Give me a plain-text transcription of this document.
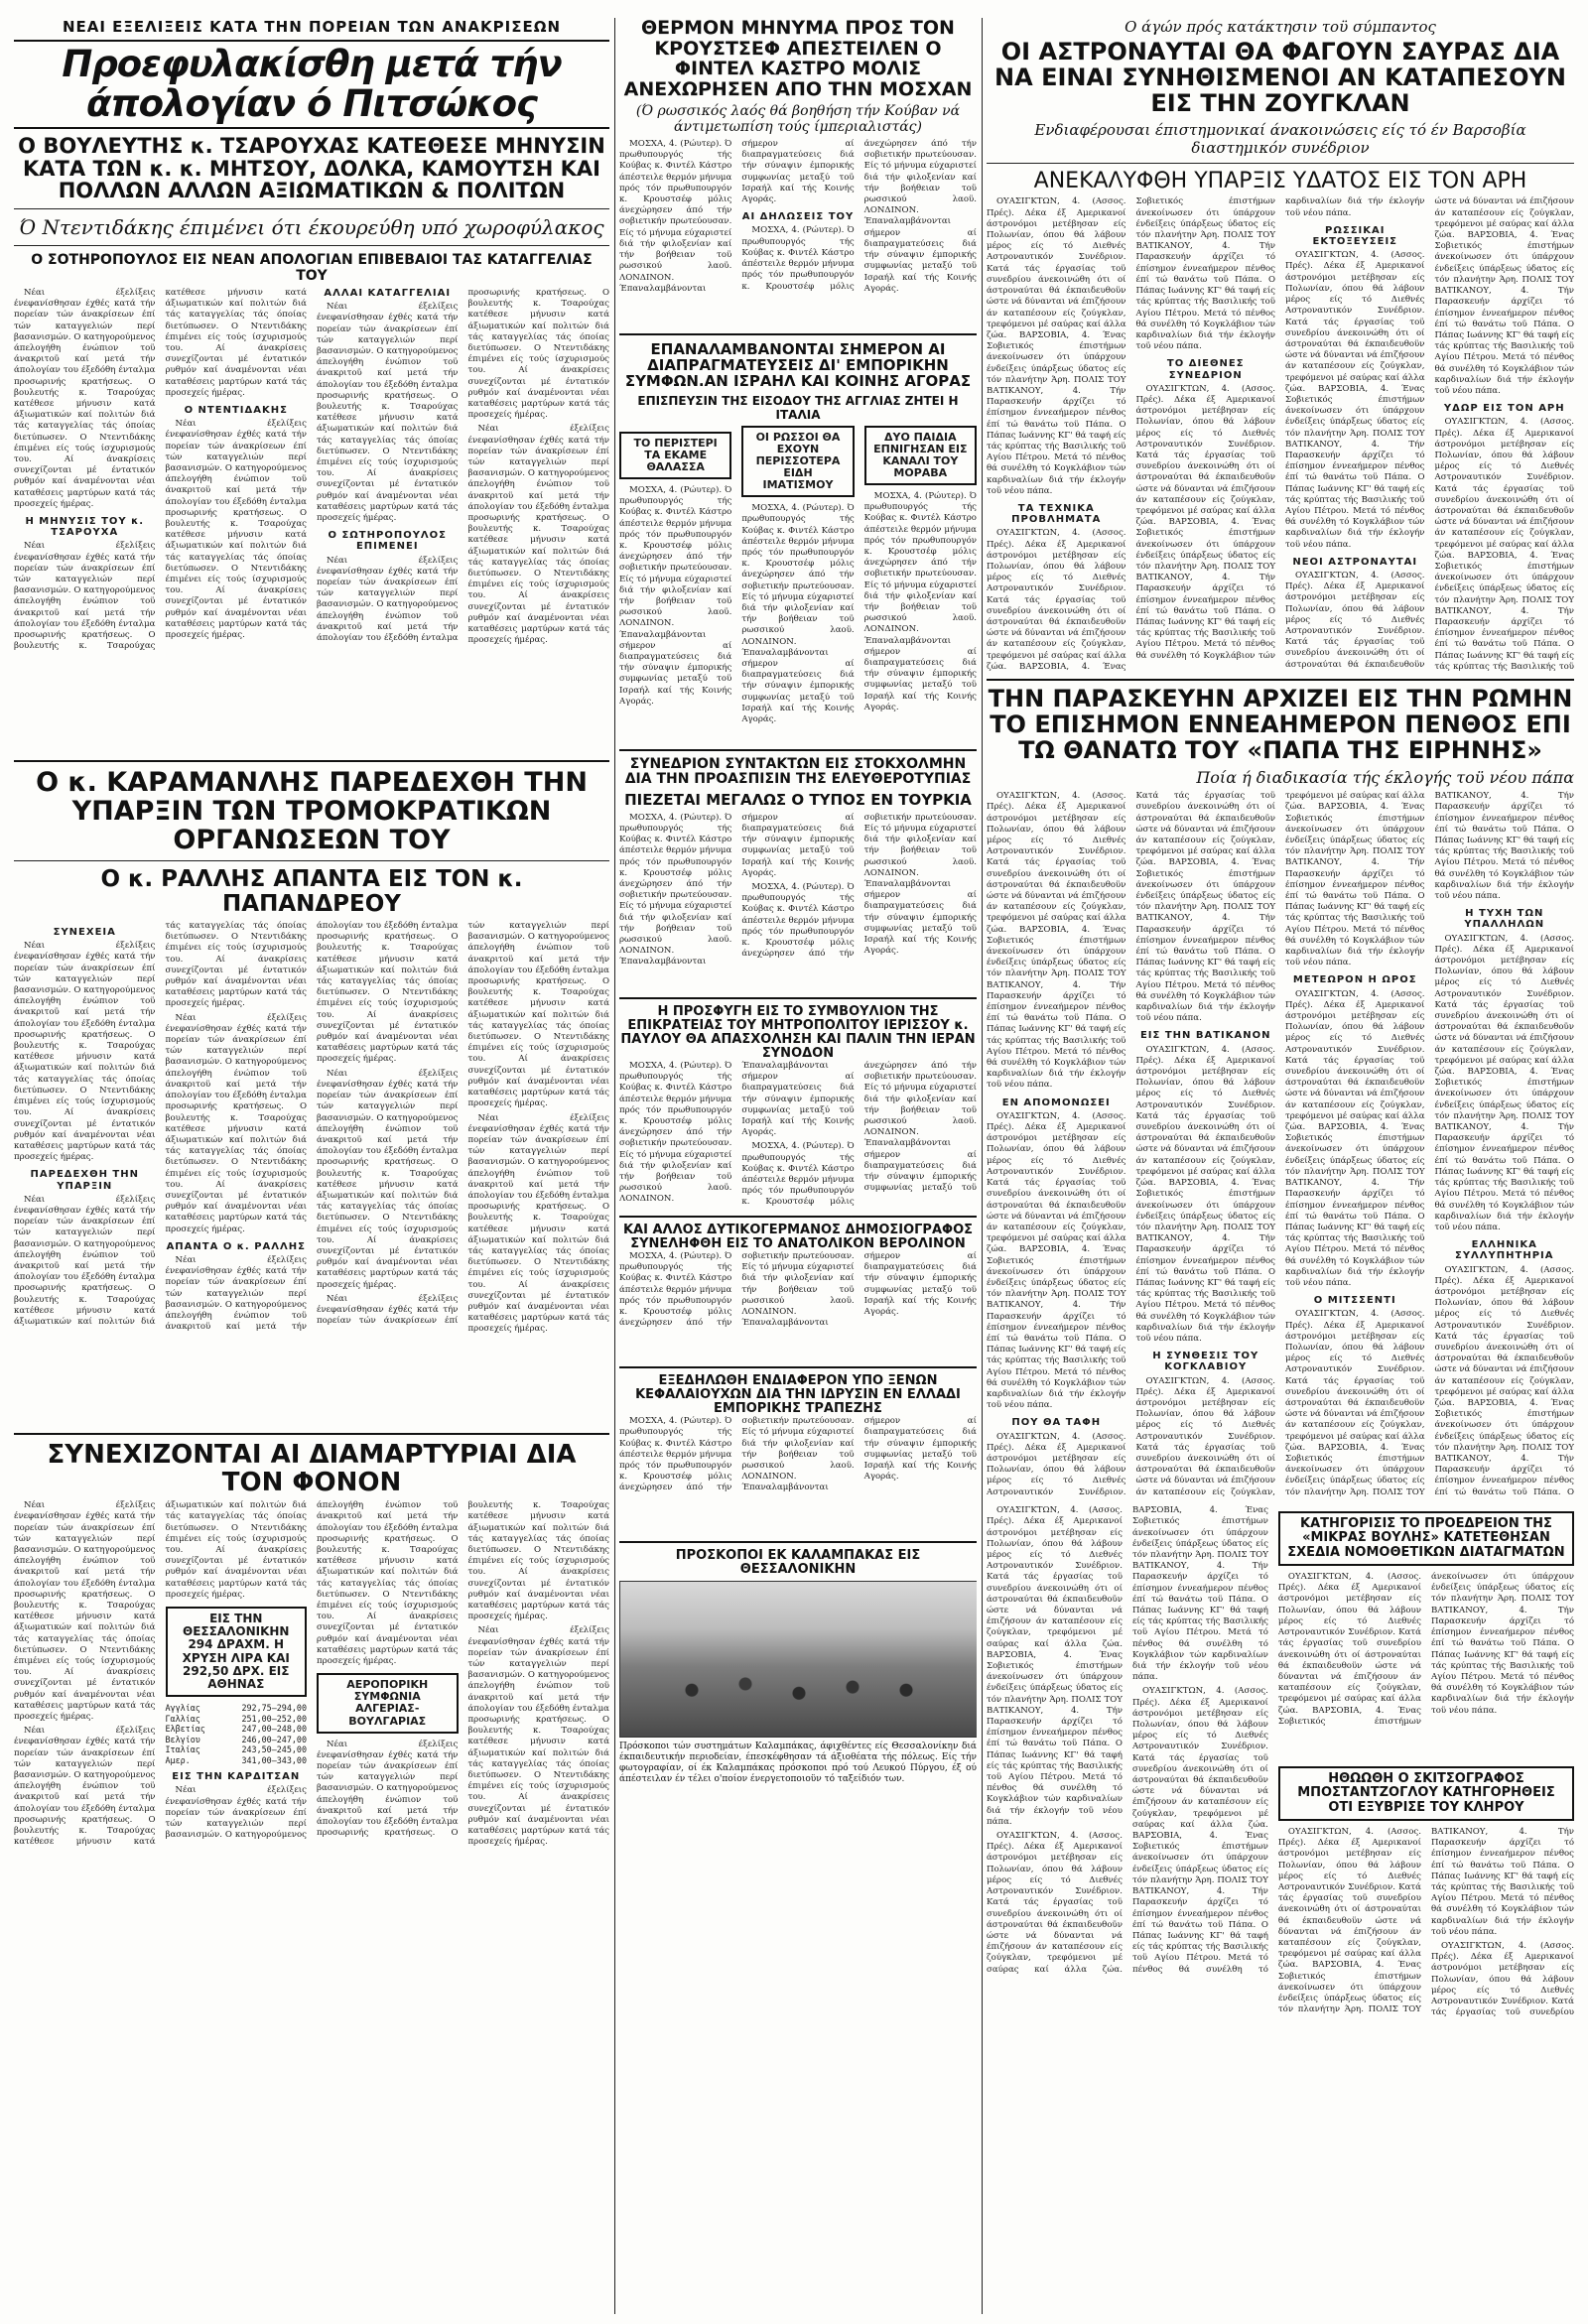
ΝΕΑΙ ΕΞΕΛΙΞΕΙΣ ΚΑΤΑ ΤΗΝ ΠΟΡΕΙΑΝ ΤΩΝ ΑΝΑΚΡΙΣΕΩΝ
Προεφυλακίσθη μετά τήν άπολογίαν ό Πιτσώκος
Ο ΒΟΥΛΕΥΤΗΣ κ. ΤΣΑΡΟΥΧΑΣ ΚΑΤΕΘΕΣΕ ΜΗΝΥΣΙΝ ΚΑΤΑ ΤΩΝ κ. κ. ΜΗΤΣΟΥ, ΔΟΛΚΑ, ΚΑΜΟΥΤΣΗ ΚΑΙ ΠΟΛΛΩΝ ΑΛΛΩΝ ΑΞΙΩΜΑΤΙΚΩΝ & ΠΟΛΙΤΩΝ
Ό Ντεντιδάκης έπιμένει ότι έκουρεύθη υπό χωροφύλακος
Ο ΣΟΤΗΡΟΠΟΥΛΟΣ ΕΙΣ ΝΕΑΝ ΑΠΟΛΟΓΙΑΝ ΕΠΙΒΕΒΑΙΟΙ ΤΑΣ ΚΑΤΑΓΓΕΛΙΑΣ ΤΟΥ

Νέαι έξελίξεις ένεφανίσθησαν έχθές κατά τήν πορείαν τών άνακρίσεων έπί τών καταγγελιών περί βασανισμών. Ο κατηγορούμενος άπελογήθη ένώπιον τοϋ άνακριτοϋ καί μετά τήν άπολογίαν του έξεδόθη ένταλμα προσωρινής κρατήσεως. Ο βουλευτής κ. Τσαρούχας κατέθεσε μήνυσιν κατά άξιωματικών καί πολιτών διά τάς καταγγελίας τάς όποίας διετύπωσεν. Ο Ντεντιδάκης έπιμένει είς τούς ίσχυρισμούς του. Αί άνακρίσεις συνεχίζονται μέ έντατικόν ρυθμόν καί άναμένονται νέαι καταθέσεις μαρτύρων κατά τάς προσεχείς ήμέρας.

Η ΜΗΝΥΣΙΣ ΤΟΥ κ. ΤΣΑΡΟΥΧΑ

Νέαι έξελίξεις ένεφανίσθησαν έχθές κατά τήν πορείαν τών άνακρίσεων έπί τών καταγγελιών περί βασανισμών. Ο κατηγορούμενος άπελογήθη ένώπιον τοϋ άνακριτοϋ καί μετά τήν άπολογίαν του έξεδόθη ένταλμα προσωρινής κρατήσεως. Ο βουλευτής κ. Τσαρούχας κατέθεσε μήνυσιν κατά άξιωματικών καί πολιτών διά τάς καταγγελίας τάς όποίας διετύπωσεν. Ο Ντεντιδάκης έπιμένει είς τούς ίσχυρισμούς του. Αί άνακρίσεις συνεχίζονται μέ έντατικόν ρυθμόν καί άναμένονται νέαι καταθέσεις μαρτύρων κατά τάς προσεχείς ήμέρας.

Ο ΝΤΕΝΤΙΔΑΚΗΣ

Νέαι έξελίξεις ένεφανίσθησαν έχθές κατά τήν πορείαν τών άνακρίσεων έπί τών καταγγελιών περί βασανισμών. Ο κατηγορούμενος άπελογήθη ένώπιον τοϋ άνακριτοϋ καί μετά τήν άπολογίαν του έξεδόθη ένταλμα προσωρινής κρατήσεως. Ο βουλευτής κ. Τσαρούχας κατέθεσε μήνυσιν κατά άξιωματικών καί πολιτών διά τάς καταγγελίας τάς όποίας διετύπωσεν. Ο Ντεντιδάκης έπιμένει είς τούς ίσχυρισμούς του. Αί άνακρίσεις συνεχίζονται μέ έντατικόν ρυθμόν καί άναμένονται νέαι καταθέσεις μαρτύρων κατά τάς προσεχείς ήμέρας.

ΑΛΛΑΙ ΚΑΤΑΓΓΕΛΙΑΙ

Νέαι έξελίξεις ένεφανίσθησαν έχθές κατά τήν πορείαν τών άνακρίσεων έπί τών καταγγελιών περί βασανισμών. Ο κατηγορούμενος άπελογήθη ένώπιον τοϋ άνακριτοϋ καί μετά τήν άπολογίαν του έξεδόθη ένταλμα προσωρινής κρατήσεως. Ο βουλευτής κ. Τσαρούχας κατέθεσε μήνυσιν κατά άξιωματικών καί πολιτών διά τάς καταγγελίας τάς όποίας διετύπωσεν. Ο Ντεντιδάκης έπιμένει είς τούς ίσχυρισμούς του. Αί άνακρίσεις συνεχίζονται μέ έντατικόν ρυθμόν καί άναμένονται νέαι καταθέσεις μαρτύρων κατά τάς προσεχείς ήμέρας.

Ο ΣΩΤΗΡΟΠΟΥΛΟΣ ΕΠΙΜΕΝΕΙ

Νέαι έξελίξεις ένεφανίσθησαν έχθές κατά τήν πορείαν τών άνακρίσεων έπί τών καταγγελιών περί βασανισμών. Ο κατηγορούμενος άπελογήθη ένώπιον τοϋ άνακριτοϋ καί μετά τήν άπολογίαν του έξεδόθη ένταλμα προσωρινής κρατήσεως. Ο βουλευτής κ. Τσαρούχας κατέθεσε μήνυσιν κατά άξιωματικών καί πολιτών διά τάς καταγγελίας τάς όποίας διετύπωσεν. Ο Ντεντιδάκης έπιμένει είς τούς ίσχυρισμούς του. Αί άνακρίσεις συνεχίζονται μέ έντατικόν ρυθμόν καί άναμένονται νέαι καταθέσεις μαρτύρων κατά τάς προσεχείς ήμέρας.

Νέαι έξελίξεις ένεφανίσθησαν έχθές κατά τήν πορείαν τών άνακρίσεων έπί τών καταγγελιών περί βασανισμών. Ο κατηγορούμενος άπελογήθη ένώπιον τοϋ άνακριτοϋ καί μετά τήν άπολογίαν του έξεδόθη ένταλμα προσωρινής κρατήσεως. Ο βουλευτής κ. Τσαρούχας κατέθεσε μήνυσιν κατά άξιωματικών καί πολιτών διά τάς καταγγελίας τάς όποίας διετύπωσεν. Ο Ντεντιδάκης έπιμένει είς τούς ίσχυρισμούς του. Αί άνακρίσεις συνεχίζονται μέ έντατικόν ρυθμόν καί άναμένονται νέαι καταθέσεις μαρτύρων κατά τάς προσεχείς ήμέρας.

Ο κ. ΚΑΡΑΜΑΝΛΗΣ ΠΑΡΕΔΕΧΘΗ ΤΗΝ ΥΠΑΡΞΙΝ ΤΩΝ ΤΡΟΜΟΚΡΑΤΙΚΩΝ ΟΡΓΑΝΩΣΕΩΝ ΤΟΥ
Ο κ. ΡΑΛΛΗΣ ΑΠΑΝΤΑ ΕΙΣ ΤΟΝ κ. ΠΑΠΑΝΔΡΕΟΥ
ΣΥΝΕΧΕΙΑ

Νέαι έξελίξεις ένεφανίσθησαν έχθές κατά τήν πορείαν τών άνακρίσεων έπί τών καταγγελιών περί βασανισμών. Ο κατηγορούμενος άπελογήθη ένώπιον τοϋ άνακριτοϋ καί μετά τήν άπολογίαν του έξεδόθη ένταλμα προσωρινής κρατήσεως. Ο βουλευτής κ. Τσαρούχας κατέθεσε μήνυσιν κατά άξιωματικών καί πολιτών διά τάς καταγγελίας τάς όποίας διετύπωσεν. Ο Ντεντιδάκης έπιμένει είς τούς ίσχυρισμούς του. Αί άνακρίσεις συνεχίζονται μέ έντατικόν ρυθμόν καί άναμένονται νέαι καταθέσεις μαρτύρων κατά τάς προσεχείς ήμέρας.

ΠΑΡΕΔΕΧΘΗ ΤΗΝ ΥΠΑΡΞΙΝ

Νέαι έξελίξεις ένεφανίσθησαν έχθές κατά τήν πορείαν τών άνακρίσεων έπί τών καταγγελιών περί βασανισμών. Ο κατηγορούμενος άπελογήθη ένώπιον τοϋ άνακριτοϋ καί μετά τήν άπολογίαν του έξεδόθη ένταλμα προσωρινής κρατήσεως. Ο βουλευτής κ. Τσαρούχας κατέθεσε μήνυσιν κατά άξιωματικών καί πολιτών διά τάς καταγγελίας τάς όποίας διετύπωσεν. Ο Ντεντιδάκης έπιμένει είς τούς ίσχυρισμούς του. Αί άνακρίσεις συνεχίζονται μέ έντατικόν ρυθμόν καί άναμένονται νέαι καταθέσεις μαρτύρων κατά τάς προσεχείς ήμέρας.

Νέαι έξελίξεις ένεφανίσθησαν έχθές κατά τήν πορείαν τών άνακρίσεων έπί τών καταγγελιών περί βασανισμών. Ο κατηγορούμενος άπελογήθη ένώπιον τοϋ άνακριτοϋ καί μετά τήν άπολογίαν του έξεδόθη ένταλμα προσωρινής κρατήσεως. Ο βουλευτής κ. Τσαρούχας κατέθεσε μήνυσιν κατά άξιωματικών καί πολιτών διά τάς καταγγελίας τάς όποίας διετύπωσεν. Ο Ντεντιδάκης έπιμένει είς τούς ίσχυρισμούς του. Αί άνακρίσεις συνεχίζονται μέ έντατικόν ρυθμόν καί άναμένονται νέαι καταθέσεις μαρτύρων κατά τάς προσεχείς ήμέρας.

ΑΠΑΝΤΑ Ο κ. ΡΑΛΛΗΣ

Νέαι έξελίξεις ένεφανίσθησαν έχθές κατά τήν πορείαν τών άνακρίσεων έπί τών καταγγελιών περί βασανισμών. Ο κατηγορούμενος άπελογήθη ένώπιον τοϋ άνακριτοϋ καί μετά τήν άπολογίαν του έξεδόθη ένταλμα προσωρινής κρατήσεως. Ο βουλευτής κ. Τσαρούχας κατέθεσε μήνυσιν κατά άξιωματικών καί πολιτών διά τάς καταγγελίας τάς όποίας διετύπωσεν. Ο Ντεντιδάκης έπιμένει είς τούς ίσχυρισμούς του. Αί άνακρίσεις συνεχίζονται μέ έντατικόν ρυθμόν καί άναμένονται νέαι καταθέσεις μαρτύρων κατά τάς προσεχείς ήμέρας.

Νέαι έξελίξεις ένεφανίσθησαν έχθές κατά τήν πορείαν τών άνακρίσεων έπί τών καταγγελιών περί βασανισμών. Ο κατηγορούμενος άπελογήθη ένώπιον τοϋ άνακριτοϋ καί μετά τήν άπολογίαν του έξεδόθη ένταλμα προσωρινής κρατήσεως. Ο βουλευτής κ. Τσαρούχας κατέθεσε μήνυσιν κατά άξιωματικών καί πολιτών διά τάς καταγγελίας τάς όποίας διετύπωσεν. Ο Ντεντιδάκης έπιμένει είς τούς ίσχυρισμούς του. Αί άνακρίσεις συνεχίζονται μέ έντατικόν ρυθμόν καί άναμένονται νέαι καταθέσεις μαρτύρων κατά τάς προσεχείς ήμέρας.

Νέαι έξελίξεις ένεφανίσθησαν έχθές κατά τήν πορείαν τών άνακρίσεων έπί τών καταγγελιών περί βασανισμών. Ο κατηγορούμενος άπελογήθη ένώπιον τοϋ άνακριτοϋ καί μετά τήν άπολογίαν του έξεδόθη ένταλμα προσωρινής κρατήσεως. Ο βουλευτής κ. Τσαρούχας κατέθεσε μήνυσιν κατά άξιωματικών καί πολιτών διά τάς καταγγελίας τάς όποίας διετύπωσεν. Ο Ντεντιδάκης έπιμένει είς τούς ίσχυρισμούς του. Αί άνακρίσεις συνεχίζονται μέ έντατικόν ρυθμόν καί άναμένονται νέαι καταθέσεις μαρτύρων κατά τάς προσεχείς ήμέρας.

Νέαι έξελίξεις ένεφανίσθησαν έχθές κατά τήν πορείαν τών άνακρίσεων έπί τών καταγγελιών περί βασανισμών. Ο κατηγορούμενος άπελογήθη ένώπιον τοϋ άνακριτοϋ καί μετά τήν άπολογίαν του έξεδόθη ένταλμα προσωρινής κρατήσεως. Ο βουλευτής κ. Τσαρούχας κατέθεσε μήνυσιν κατά άξιωματικών καί πολιτών διά τάς καταγγελίας τάς όποίας διετύπωσεν. Ο Ντεντιδάκης έπιμένει είς τούς ίσχυρισμούς του. Αί άνακρίσεις συνεχίζονται μέ έντατικόν ρυθμόν καί άναμένονται νέαι καταθέσεις μαρτύρων κατά τάς προσεχείς ήμέρας.

ΣΥΝΕΧΙΖΟΝΤΑΙ ΑΙ ΔΙΑΜΑΡΤΥΡΙΑΙ ΔΙΑ ΤΟΝ ΦΟΝΟΝ

Νέαι έξελίξεις ένεφανίσθησαν έχθές κατά τήν πορείαν τών άνακρίσεων έπί τών καταγγελιών περί βασανισμών. Ο κατηγορούμενος άπελογήθη ένώπιον τοϋ άνακριτοϋ καί μετά τήν άπολογίαν του έξεδόθη ένταλμα προσωρινής κρατήσεως. Ο βουλευτής κ. Τσαρούχας κατέθεσε μήνυσιν κατά άξιωματικών καί πολιτών διά τάς καταγγελίας τάς όποίας διετύπωσεν. Ο Ντεντιδάκης έπιμένει είς τούς ίσχυρισμούς του. Αί άνακρίσεις συνεχίζονται μέ έντατικόν ρυθμόν καί άναμένονται νέαι καταθέσεις μαρτύρων κατά τάς προσεχείς ήμέρας.

Νέαι έξελίξεις ένεφανίσθησαν έχθές κατά τήν πορείαν τών άνακρίσεων έπί τών καταγγελιών περί βασανισμών. Ο κατηγορούμενος άπελογήθη ένώπιον τοϋ άνακριτοϋ καί μετά τήν άπολογίαν του έξεδόθη ένταλμα προσωρινής κρατήσεως. Ο βουλευτής κ. Τσαρούχας κατέθεσε μήνυσιν κατά άξιωματικών καί πολιτών διά τάς καταγγελίας τάς όποίας διετύπωσεν. Ο Ντεντιδάκης έπιμένει είς τούς ίσχυρισμούς του. Αί άνακρίσεις συνεχίζονται μέ έντατικόν ρυθμόν καί άναμένονται νέαι καταθέσεις μαρτύρων κατά τάς προσεχείς ήμέρας.

ΕΙΣ ΤΗΝ ΘΕΣΣΑΛΟΝΙΚΗΝ 294 ΔΡΑΧΜ. Η ΧΡΥΣΗ ΛΙΡΑ ΚΑΙ 292,50 ΔΡΧ. ΕΙΣ ΑΘΗΝΑΣ
Αγγλίας	292,75—294,00
Γαλλίας	251,00—252,00
Ελβετίας	247,00—248,00
Βελγίου	246,00—247,00
Ιταλίας	243,50—245,00
Αμερ.	341,00—343,00
ΕΙΣ ΤΗΝ ΚΑΡΔΙΤΣΑΝ

Νέαι έξελίξεις ένεφανίσθησαν έχθές κατά τήν πορείαν τών άνακρίσεων έπί τών καταγγελιών περί βασανισμών. Ο κατηγορούμενος άπελογήθη ένώπιον τοϋ άνακριτοϋ καί μετά τήν άπολογίαν του έξεδόθη ένταλμα προσωρινής κρατήσεως. Ο βουλευτής κ. Τσαρούχας κατέθεσε μήνυσιν κατά άξιωματικών καί πολιτών διά τάς καταγγελίας τάς όποίας διετύπωσεν. Ο Ντεντιδάκης έπιμένει είς τούς ίσχυρισμούς του. Αί άνακρίσεις συνεχίζονται μέ έντατικόν ρυθμόν καί άναμένονται νέαι καταθέσεις μαρτύρων κατά τάς προσεχείς ήμέρας.

ΑΕΡΟΠΟΡΙΚΗ ΣΥΜΦΩΝΙΑ ΑΛΓΕΡΙΑΣ-ΒΟΥΛΓΑΡΙΑΣ

Νέαι έξελίξεις ένεφανίσθησαν έχθές κατά τήν πορείαν τών άνακρίσεων έπί τών καταγγελιών περί βασανισμών. Ο κατηγορούμενος άπελογήθη ένώπιον τοϋ άνακριτοϋ καί μετά τήν άπολογίαν του έξεδόθη ένταλμα προσωρινής κρατήσεως. Ο βουλευτής κ. Τσαρούχας κατέθεσε μήνυσιν κατά άξιωματικών καί πολιτών διά τάς καταγγελίας τάς όποίας διετύπωσεν. Ο Ντεντιδάκης έπιμένει είς τούς ίσχυρισμούς του. Αί άνακρίσεις συνεχίζονται μέ έντατικόν ρυθμόν καί άναμένονται νέαι καταθέσεις μαρτύρων κατά τάς προσεχείς ήμέρας.

Νέαι έξελίξεις ένεφανίσθησαν έχθές κατά τήν πορείαν τών άνακρίσεων έπί τών καταγγελιών περί βασανισμών. Ο κατηγορούμενος άπελογήθη ένώπιον τοϋ άνακριτοϋ καί μετά τήν άπολογίαν του έξεδόθη ένταλμα προσωρινής κρατήσεως. Ο βουλευτής κ. Τσαρούχας κατέθεσε μήνυσιν κατά άξιωματικών καί πολιτών διά τάς καταγγελίας τάς όποίας διετύπωσεν. Ο Ντεντιδάκης έπιμένει είς τούς ίσχυρισμούς του. Αί άνακρίσεις συνεχίζονται μέ έντατικόν ρυθμόν καί άναμένονται νέαι καταθέσεις μαρτύρων κατά τάς προσεχείς ήμέρας.

ΘΕΡΜΟΝ ΜΗΝΥΜΑ ΠΡΟΣ ΤΟΝ ΚΡΟΥΣΤΣΕΦ ΑΠΕΣΤΕΙΛΕΝ Ο ΦΙΝΤΕΛ ΚΑΣΤΡΟ ΜΟΛΙΣ ΑΝΕΧΩΡΗΣΕΝ ΑΠΟ ΤΗΝ ΜΟΣΧΑΝ
(Ό ρωσσικός λαός θά βοηθήση τήν Κούβαν νά άντιμετωπίση τούς ίμπεριαλιστάς)

ΜΟΣΧΑ, 4. (Ρώυτερ). Ό πρωθυπουργός τής Κούβας κ. Φιντέλ Κάστρο άπέστειλε θερμόν μήνυμα πρός τόν πρωθυπουργόν κ. Κρουστσέφ μόλις άνεχώρησεν άπό τήν σοβιετικήν πρωτεύουσαν. Είς τό μήνυμα εύχαριστεί διά τήν φιλοξενίαν καί τήν βοήθειαν τοϋ ρωσσικού λαοϋ. ΛΟΝΔΙΝΟΝ. Έπαναλαμβάνονται σήμερον αί διαπραγματεύσεις διά τήν σύναψιν έμπορικής συμφωνίας μεταξύ τοϋ Ισραήλ καί τής Κοινής Αγοράς.

ΑΙ ΔΗΛΩΣΕΙΣ ΤΟΥ

ΜΟΣΧΑ, 4. (Ρώυτερ). Ό πρωθυπουργός τής Κούβας κ. Φιντέλ Κάστρο άπέστειλε θερμόν μήνυμα πρός τόν πρωθυπουργόν κ. Κρουστσέφ μόλις άνεχώρησεν άπό τήν σοβιετικήν πρωτεύουσαν. Είς τό μήνυμα εύχαριστεί διά τήν φιλοξενίαν καί τήν βοήθειαν τοϋ ρωσσικού λαοϋ. ΛΟΝΔΙΝΟΝ. Έπαναλαμβάνονται σήμερον αί διαπραγματεύσεις διά τήν σύναψιν έμπορικής συμφωνίας μεταξύ τοϋ Ισραήλ καί τής Κοινής Αγοράς.

ΕΠΑΝΑΛΑΜΒΑΝΟΝΤΑΙ ΣΗΜΕΡΟΝ ΑΙ ΔΙΑΠΡΑΓΜΑΤΕΥΣΕΙΣ ΔΙ' ΕΜΠΟΡΙΚΗΝ ΣΥΜΦΩΝ.ΑΝ ΙΣΡΑΗΛ ΚΑΙ ΚΟΙΝΗΣ ΑΓΟΡΑΣ
ΕΠΙΣΠΕΥΣΙΝ ΤΗΣ ΕΙΣΟΔΟΥ ΤΗΣ ΑΓΓΛΙΑΣ ΖΗΤΕΙ Η ΙΤΑΛΙΑ
ΤΟ ΠΕΡΙΣΤΕΡΙ ΤΑ ΕΚΑΜΕ ΘΑΛΑΣΣΑ

ΜΟΣΧΑ, 4. (Ρώυτερ). Ό πρωθυπουργός τής Κούβας κ. Φιντέλ Κάστρο άπέστειλε θερμόν μήνυμα πρός τόν πρωθυπουργόν κ. Κρουστσέφ μόλις άνεχώρησεν άπό τήν σοβιετικήν πρωτεύουσαν. Είς τό μήνυμα εύχαριστεί διά τήν φιλοξενίαν καί τήν βοήθειαν τοϋ ρωσσικού λαοϋ. ΛΟΝΔΙΝΟΝ. Έπαναλαμβάνονται σήμερον αί διαπραγματεύσεις διά τήν σύναψιν έμπορικής συμφωνίας μεταξύ τοϋ Ισραήλ καί τής Κοινής Αγοράς.

ΟΙ ΡΩΣΣΟΙ ΘΑ ΕΧΟΥΝ ΠΕΡΙΣΣΟΤΕΡΑ ΕΙΔΗ ΙΜΑΤΙΣΜΟΥ

ΜΟΣΧΑ, 4. (Ρώυτερ). Ό πρωθυπουργός τής Κούβας κ. Φιντέλ Κάστρο άπέστειλε θερμόν μήνυμα πρός τόν πρωθυπουργόν κ. Κρουστσέφ μόλις άνεχώρησεν άπό τήν σοβιετικήν πρωτεύουσαν. Είς τό μήνυμα εύχαριστεί διά τήν φιλοξενίαν καί τήν βοήθειαν τοϋ ρωσσικού λαοϋ. ΛΟΝΔΙΝΟΝ. Έπαναλαμβάνονται σήμερον αί διαπραγματεύσεις διά τήν σύναψιν έμπορικής συμφωνίας μεταξύ τοϋ Ισραήλ καί τής Κοινής Αγοράς.

ΔΥΟ ΠΑΙΔΙΑ ΕΠΝΙΓΗΣΑΝ ΕΙΣ ΚΑΝΑΛΙ ΤΟΥ ΜΟΡΑΒΑ

ΜΟΣΧΑ, 4. (Ρώυτερ). Ό πρωθυπουργός τής Κούβας κ. Φιντέλ Κάστρο άπέστειλε θερμόν μήνυμα πρός τόν πρωθυπουργόν κ. Κρουστσέφ μόλις άνεχώρησεν άπό τήν σοβιετικήν πρωτεύουσαν. Είς τό μήνυμα εύχαριστεί διά τήν φιλοξενίαν καί τήν βοήθειαν τοϋ ρωσσικού λαοϋ. ΛΟΝΔΙΝΟΝ. Έπαναλαμβάνονται σήμερον αί διαπραγματεύσεις διά τήν σύναψιν έμπορικής συμφωνίας μεταξύ τοϋ Ισραήλ καί τής Κοινής Αγοράς.

ΣΥΝΕΔΡΙΟΝ ΣΥΝΤΑΚΤΩΝ ΕΙΣ ΣΤΟΚΧΟΛΜΗΝ ΔΙΑ ΤΗΝ ΠΡΟΑΣΠΙΣΙΝ ΤΗΣ ΕΛΕΥΘΕΡΟΤΥΠΙΑΣ
ΠΙΕΖΕΤΑΙ ΜΕΓΑΛΩΣ Ο ΤΥΠΟΣ ΕΝ ΤΟΥΡΚΙΑ

ΜΟΣΧΑ, 4. (Ρώυτερ). Ό πρωθυπουργός τής Κούβας κ. Φιντέλ Κάστρο άπέστειλε θερμόν μήνυμα πρός τόν πρωθυπουργόν κ. Κρουστσέφ μόλις άνεχώρησεν άπό τήν σοβιετικήν πρωτεύουσαν. Είς τό μήνυμα εύχαριστεί διά τήν φιλοξενίαν καί τήν βοήθειαν τοϋ ρωσσικού λαοϋ. ΛΟΝΔΙΝΟΝ. Έπαναλαμβάνονται σήμερον αί διαπραγματεύσεις διά τήν σύναψιν έμπορικής συμφωνίας μεταξύ τοϋ Ισραήλ καί τής Κοινής Αγοράς.

ΜΟΣΧΑ, 4. (Ρώυτερ). Ό πρωθυπουργός τής Κούβας κ. Φιντέλ Κάστρο άπέστειλε θερμόν μήνυμα πρός τόν πρωθυπουργόν κ. Κρουστσέφ μόλις άνεχώρησεν άπό τήν σοβιετικήν πρωτεύουσαν. Είς τό μήνυμα εύχαριστεί διά τήν φιλοξενίαν καί τήν βοήθειαν τοϋ ρωσσικού λαοϋ. ΛΟΝΔΙΝΟΝ. Έπαναλαμβάνονται σήμερον αί διαπραγματεύσεις διά τήν σύναψιν έμπορικής συμφωνίας μεταξύ τοϋ Ισραήλ καί τής Κοινής Αγοράς.

Η ΠΡΟΣΦΥΓΗ ΕΙΣ ΤΟ ΣΥΜΒΟΥΛΙΟΝ ΤΗΣ ΕΠΙΚΡΑΤΕΙΑΣ ΤΟΥ ΜΗΤΡΟΠΟΛΙΤΟΥ ΙΕΡΙΣΣΟΥ κ. ΠΑΥΛΟΥ ΘΑ ΑΠΑΣΧΟΛΗΣΗ ΚΑΙ ΠΑΛΙΝ ΤΗΝ ΙΕΡΑΝ ΣΥΝΟΔΟΝ

ΜΟΣΧΑ, 4. (Ρώυτερ). Ό πρωθυπουργός τής Κούβας κ. Φιντέλ Κάστρο άπέστειλε θερμόν μήνυμα πρός τόν πρωθυπουργόν κ. Κρουστσέφ μόλις άνεχώρησεν άπό τήν σοβιετικήν πρωτεύουσαν. Είς τό μήνυμα εύχαριστεί διά τήν φιλοξενίαν καί τήν βοήθειαν τοϋ ρωσσικού λαοϋ. ΛΟΝΔΙΝΟΝ. Έπαναλαμβάνονται σήμερον αί διαπραγματεύσεις διά τήν σύναψιν έμπορικής συμφωνίας μεταξύ τοϋ Ισραήλ καί τής Κοινής Αγοράς.

ΜΟΣΧΑ, 4. (Ρώυτερ). Ό πρωθυπουργός τής Κούβας κ. Φιντέλ Κάστρο άπέστειλε θερμόν μήνυμα πρός τόν πρωθυπουργόν κ. Κρουστσέφ μόλις άνεχώρησεν άπό τήν σοβιετικήν πρωτεύουσαν. Είς τό μήνυμα εύχαριστεί διά τήν φιλοξενίαν καί τήν βοήθειαν τοϋ ρωσσικού λαοϋ. ΛΟΝΔΙΝΟΝ. Έπαναλαμβάνονται σήμερον αί διαπραγματεύσεις διά τήν σύναψιν έμπορικής συμφωνίας μεταξύ τοϋ

ΚΑΙ ΑΛΛΟΣ ΔΥΤΙΚΟΓΕΡΜΑΝΟΣ ΔΗΜΟΣΙΟΓΡΑΦΟΣ ΣΥΝΕΛΗΦΘΗ ΕΙΣ ΤΟ ΑΝΑΤΟΛΙΚΟΝ ΒΕΡΟΛΙΝΟΝ

ΜΟΣΧΑ, 4. (Ρώυτερ). Ό πρωθυπουργός τής Κούβας κ. Φιντέλ Κάστρο άπέστειλε θερμόν μήνυμα πρός τόν πρωθυπουργόν κ. Κρουστσέφ μόλις άνεχώρησεν άπό τήν σοβιετικήν πρωτεύουσαν. Είς τό μήνυμα εύχαριστεί διά τήν φιλοξενίαν καί τήν βοήθειαν τοϋ ρωσσικού λαοϋ. ΛΟΝΔΙΝΟΝ. Έπαναλαμβάνονται σήμερον αί διαπραγματεύσεις διά τήν σύναψιν έμπορικής συμφωνίας μεταξύ τοϋ Ισραήλ καί τής Κοινής Αγοράς.

ΕΞΕΔΗΛΩΘΗ ΕΝΔΙΑΦΕΡΟΝ ΥΠΟ ΞΕΝΩΝ ΚΕΦΑΛΑΙΟΥΧΩΝ ΔΙΑ ΤΗΝ ΙΔΡΥΣΙΝ ΕΝ ΕΛΛΑΔΙ ΕΜΠΟΡΙΚΗΣ ΤΡΑΠΕΖΗΣ

ΜΟΣΧΑ, 4. (Ρώυτερ). Ό πρωθυπουργός τής Κούβας κ. Φιντέλ Κάστρο άπέστειλε θερμόν μήνυμα πρός τόν πρωθυπουργόν κ. Κρουστσέφ μόλις άνεχώρησεν άπό τήν σοβιετικήν πρωτεύουσαν. Είς τό μήνυμα εύχαριστεί διά τήν φιλοξενίαν καί τήν βοήθειαν τοϋ ρωσσικού λαοϋ. ΛΟΝΔΙΝΟΝ. Έπαναλαμβάνονται σήμερον αί διαπραγματεύσεις διά τήν σύναψιν έμπορικής συμφωνίας μεταξύ τοϋ Ισραήλ καί τής Κοινής Αγοράς.

ΠΡΟΣΚΟΠΟΙ ΕΚ ΚΑΛΑΜΠΑΚΑΣ ΕΙΣ ΘΕΣΣΑΛΟΝΙΚΗΝ
Πρόσκοποι τών συστημάτων Καλαμπάκας, άφιχθέντες είς Θεσσαλονίκην διά έκπαιδευτικήν περιοδείαν, έπεσκέφθησαν τά άξιοθέατα τής πόλεως. Είς τήν φωτογραφίαν, οί έκ Καλαμπάκας πρόσκοποι πρό τού Λευκού Πύργου, έξ ού άπέστειλαν έν τέλει ο'ποίον ένεργετοποιοϋν τό ταξείδιόν των.
Ο άγών πρός κατάκτησιν τοϋ σύμπαντος
ΟΙ ΑΣΤΡΟΝΑΥΤΑΙ ΘΑ ΦΑΓΟΥΝ ΣΑΥΡΑΣ ΔΙΑ ΝΑ ΕΙΝΑΙ ΣΥΝΗΘΙΣΜΕΝΟΙ ΑΝ ΚΑΤΑΠΕΣΟΥΝ ΕΙΣ ΤΗΝ ΖΟΥΓΚΛΑΝ
Ενδιαφέρουσαι έπιστημονικαί άνακοινώσεις είς τό έν Βαρσοβία διαστημικόν συνέδριον
ΑΝΕΚΑΛΥΦΘΗ ΥΠΑΡΞΙΣ ΥΔΑΤΟΣ ΕΙΣ ΤΟΝ ΑΡΗ

ΟΥΑΣΙΓΚΤΩΝ, 4. (Ασσος. Πρές). Δέκα έξ Αμερικανοί άστρονόμοι μετέβησαν είς Πολωνίαν, όπου θά λάβουν μέρος είς τό Διεθνές Αστροναυτικόν Συνέδριον. Κατά τάς έργασίας τοϋ συνεδρίου άνεκοινώθη ότι οί άστροναύται θά έκπαιδευθοϋν ώστε νά δύνανται νά έπιζήσουν άν καταπέσουν είς ζούγκλαν, τρεφόμενοι μέ σαύρας καί άλλα ζώα. ΒΑΡΣΟΒΙΑ, 4. Ένας Σοβιετικός έπιστήμων άνεκοίνωσεν ότι ύπάρχουν ένδείξεις ύπάρξεως ύδατος είς τόν πλανήτην Άρη. ΠΟΛΙΣ ΤΟΥ ΒΑΤΙΚΑΝΟΥ, 4. Τήν Παρασκευήν άρχίζει τό έπίσημον έννεαήμερον πένθος έπί τώ θανάτω τοϋ Πάπα. Ο Πάπας Ιωάννης ΚΓ' θά ταφή είς τάς κρύπτας τής Βασιλικής τοϋ Αγίου Πέτρου. Μετά τό πένθος θά συνέλθη τό Κογκλάβιον τών καρδιναλίων διά τήν έκλογήν τοϋ νέου πάπα.

ΤΑ ΤΕΧΝΙΚΑ ΠΡΟΒΛΗΜΑΤΑ

ΟΥΑΣΙΓΚΤΩΝ, 4. (Ασσος. Πρές). Δέκα έξ Αμερικανοί άστρονόμοι μετέβησαν είς Πολωνίαν, όπου θά λάβουν μέρος είς τό Διεθνές Αστροναυτικόν Συνέδριον. Κατά τάς έργασίας τοϋ συνεδρίου άνεκοινώθη ότι οί άστροναύται θά έκπαιδευθοϋν ώστε νά δύνανται νά έπιζήσουν άν καταπέσουν είς ζούγκλαν, τρεφόμενοι μέ σαύρας καί άλλα ζώα. ΒΑΡΣΟΒΙΑ, 4. Ένας Σοβιετικός έπιστήμων άνεκοίνωσεν ότι ύπάρχουν ένδείξεις ύπάρξεως ύδατος είς τόν πλανήτην Άρη. ΠΟΛΙΣ ΤΟΥ ΒΑΤΙΚΑΝΟΥ, 4. Τήν Παρασκευήν άρχίζει τό έπίσημον έννεαήμερον πένθος έπί τώ θανάτω τοϋ Πάπα. Ο Πάπας Ιωάννης ΚΓ' θά ταφή είς τάς κρύπτας τής Βασιλικής τοϋ Αγίου Πέτρου. Μετά τό πένθος θά συνέλθη τό Κογκλάβιον τών καρδιναλίων διά τήν έκλογήν τοϋ νέου πάπα.

ΤΟ ΔΙΕΘΝΕΣ ΣΥΝΕΔΡΙΟΝ

ΟΥΑΣΙΓΚΤΩΝ, 4. (Ασσος. Πρές). Δέκα έξ Αμερικανοί άστρονόμοι μετέβησαν είς Πολωνίαν, όπου θά λάβουν μέρος είς τό Διεθνές Αστροναυτικόν Συνέδριον. Κατά τάς έργασίας τοϋ συνεδρίου άνεκοινώθη ότι οί άστροναύται θά έκπαιδευθοϋν ώστε νά δύνανται νά έπιζήσουν άν καταπέσουν είς ζούγκλαν, τρεφόμενοι μέ σαύρας καί άλλα ζώα. ΒΑΡΣΟΒΙΑ, 4. Ένας Σοβιετικός έπιστήμων άνεκοίνωσεν ότι ύπάρχουν ένδείξεις ύπάρξεως ύδατος είς τόν πλανήτην Άρη. ΠΟΛΙΣ ΤΟΥ ΒΑΤΙΚΑΝΟΥ, 4. Τήν Παρασκευήν άρχίζει τό έπίσημον έννεαήμερον πένθος έπί τώ θανάτω τοϋ Πάπα. Ο Πάπας Ιωάννης ΚΓ' θά ταφή είς τάς κρύπτας τής Βασιλικής τοϋ Αγίου Πέτρου. Μετά τό πένθος θά συνέλθη τό Κογκλάβιον τών καρδιναλίων διά τήν έκλογήν τοϋ νέου πάπα.

ΡΩΣΣΙΚΑΙ ΕΚΤΟΞΕΥΣΕΙΣ

ΟΥΑΣΙΓΚΤΩΝ, 4. (Ασσος. Πρές). Δέκα έξ Αμερικανοί άστρονόμοι μετέβησαν είς Πολωνίαν, όπου θά λάβουν μέρος είς τό Διεθνές Αστροναυτικόν Συνέδριον. Κατά τάς έργασίας τοϋ συνεδρίου άνεκοινώθη ότι οί άστροναύται θά έκπαιδευθοϋν ώστε νά δύνανται νά έπιζήσουν άν καταπέσουν είς ζούγκλαν, τρεφόμενοι μέ σαύρας καί άλλα ζώα. ΒΑΡΣΟΒΙΑ, 4. Ένας Σοβιετικός έπιστήμων άνεκοίνωσεν ότι ύπάρχουν ένδείξεις ύπάρξεως ύδατος είς τόν πλανήτην Άρη. ΠΟΛΙΣ ΤΟΥ ΒΑΤΙΚΑΝΟΥ, 4. Τήν Παρασκευήν άρχίζει τό έπίσημον έννεαήμερον πένθος έπί τώ θανάτω τοϋ Πάπα. Ο Πάπας Ιωάννης ΚΓ' θά ταφή είς τάς κρύπτας τής Βασιλικής τοϋ Αγίου Πέτρου. Μετά τό πένθος θά συνέλθη τό Κογκλάβιον τών καρδιναλίων διά τήν έκλογήν τοϋ νέου πάπα.

ΝΕΟΙ ΑΣΤΡΟΝΑΥΤΑΙ

ΟΥΑΣΙΓΚΤΩΝ, 4. (Ασσος. Πρές). Δέκα έξ Αμερικανοί άστρονόμοι μετέβησαν είς Πολωνίαν, όπου θά λάβουν μέρος είς τό Διεθνές Αστροναυτικόν Συνέδριον. Κατά τάς έργασίας τοϋ συνεδρίου άνεκοινώθη ότι οί άστροναύται θά έκπαιδευθοϋν ώστε νά δύνανται νά έπιζήσουν άν καταπέσουν είς ζούγκλαν, τρεφόμενοι μέ σαύρας καί άλλα ζώα. ΒΑΡΣΟΒΙΑ, 4. Ένας Σοβιετικός έπιστήμων άνεκοίνωσεν ότι ύπάρχουν ένδείξεις ύπάρξεως ύδατος είς τόν πλανήτην Άρη. ΠΟΛΙΣ ΤΟΥ ΒΑΤΙΚΑΝΟΥ, 4. Τήν Παρασκευήν άρχίζει τό έπίσημον έννεαήμερον πένθος έπί τώ θανάτω τοϋ Πάπα. Ο Πάπας Ιωάννης ΚΓ' θά ταφή είς τάς κρύπτας τής Βασιλικής τοϋ Αγίου Πέτρου. Μετά τό πένθος θά συνέλθη τό Κογκλάβιον τών καρδιναλίων διά τήν έκλογήν τοϋ νέου πάπα.

ΥΔΩΡ ΕΙΣ ΤΟΝ ΑΡΗ

ΟΥΑΣΙΓΚΤΩΝ, 4. (Ασσος. Πρές). Δέκα έξ Αμερικανοί άστρονόμοι μετέβησαν είς Πολωνίαν, όπου θά λάβουν μέρος είς τό Διεθνές Αστροναυτικόν Συνέδριον. Κατά τάς έργασίας τοϋ συνεδρίου άνεκοινώθη ότι οί άστροναύται θά έκπαιδευθοϋν ώστε νά δύνανται νά έπιζήσουν άν καταπέσουν είς ζούγκλαν, τρεφόμενοι μέ σαύρας καί άλλα ζώα. ΒΑΡΣΟΒΙΑ, 4. Ένας Σοβιετικός έπιστήμων άνεκοίνωσεν ότι ύπάρχουν ένδείξεις ύπάρξεως ύδατος είς τόν πλανήτην Άρη. ΠΟΛΙΣ ΤΟΥ ΒΑΤΙΚΑΝΟΥ, 4. Τήν Παρασκευήν άρχίζει τό έπίσημον έννεαήμερον πένθος έπί τώ θανάτω τοϋ Πάπα. Ο Πάπας Ιωάννης ΚΓ' θά ταφή είς τάς κρύπτας τής Βασιλικής τοϋ

ΤΗΝ ΠΑΡΑΣΚΕΥΗΝ ΑΡΧΙΖΕΙ ΕΙΣ ΤΗΝ ΡΩΜΗΝ ΤΟ ΕΠΙΣΗΜΟΝ ΕΝΝΕΑΗΜΕΡΟΝ ΠΕΝΘΟΣ ΕΠΙ ΤΩ ΘΑΝΑΤΩ ΤΟΥ «ΠΑΠΑ ΤΗΣ ΕΙΡΗΝΗΣ»
Ποία ή διαδικασία τής έκλογής τοϋ νέου πάπα

ΟΥΑΣΙΓΚΤΩΝ, 4. (Ασσος. Πρές). Δέκα έξ Αμερικανοί άστρονόμοι μετέβησαν είς Πολωνίαν, όπου θά λάβουν μέρος είς τό Διεθνές Αστροναυτικόν Συνέδριον. Κατά τάς έργασίας τοϋ συνεδρίου άνεκοινώθη ότι οί άστροναύται θά έκπαιδευθοϋν ώστε νά δύνανται νά έπιζήσουν άν καταπέσουν είς ζούγκλαν, τρεφόμενοι μέ σαύρας καί άλλα ζώα. ΒΑΡΣΟΒΙΑ, 4. Ένας Σοβιετικός έπιστήμων άνεκοίνωσεν ότι ύπάρχουν ένδείξεις ύπάρξεως ύδατος είς τόν πλανήτην Άρη. ΠΟΛΙΣ ΤΟΥ ΒΑΤΙΚΑΝΟΥ, 4. Τήν Παρασκευήν άρχίζει τό έπίσημον έννεαήμερον πένθος έπί τώ θανάτω τοϋ Πάπα. Ο Πάπας Ιωάννης ΚΓ' θά ταφή είς τάς κρύπτας τής Βασιλικής τοϋ Αγίου Πέτρου. Μετά τό πένθος θά συνέλθη τό Κογκλάβιον τών καρδιναλίων διά τήν έκλογήν τοϋ νέου πάπα.

ΕΝ ΑΠΟΜΟΝΩΣΕΙ

ΟΥΑΣΙΓΚΤΩΝ, 4. (Ασσος. Πρές). Δέκα έξ Αμερικανοί άστρονόμοι μετέβησαν είς Πολωνίαν, όπου θά λάβουν μέρος είς τό Διεθνές Αστροναυτικόν Συνέδριον. Κατά τάς έργασίας τοϋ συνεδρίου άνεκοινώθη ότι οί άστροναύται θά έκπαιδευθοϋν ώστε νά δύνανται νά έπιζήσουν άν καταπέσουν είς ζούγκλαν, τρεφόμενοι μέ σαύρας καί άλλα ζώα. ΒΑΡΣΟΒΙΑ, 4. Ένας Σοβιετικός έπιστήμων άνεκοίνωσεν ότι ύπάρχουν ένδείξεις ύπάρξεως ύδατος είς τόν πλανήτην Άρη. ΠΟΛΙΣ ΤΟΥ ΒΑΤΙΚΑΝΟΥ, 4. Τήν Παρασκευήν άρχίζει τό έπίσημον έννεαήμερον πένθος έπί τώ θανάτω τοϋ Πάπα. Ο Πάπας Ιωάννης ΚΓ' θά ταφή είς τάς κρύπτας τής Βασιλικής τοϋ Αγίου Πέτρου. Μετά τό πένθος θά συνέλθη τό Κογκλάβιον τών καρδιναλίων διά τήν έκλογήν τοϋ νέου πάπα.

ΠΟΥ ΘΑ ΤΑΦΗ

ΟΥΑΣΙΓΚΤΩΝ, 4. (Ασσος. Πρές). Δέκα έξ Αμερικανοί άστρονόμοι μετέβησαν είς Πολωνίαν, όπου θά λάβουν μέρος είς τό Διεθνές Αστροναυτικόν Συνέδριον. Κατά τάς έργασίας τοϋ συνεδρίου άνεκοινώθη ότι οί άστροναύται θά έκπαιδευθοϋν ώστε νά δύνανται νά έπιζήσουν άν καταπέσουν είς ζούγκλαν, τρεφόμενοι μέ σαύρας καί άλλα ζώα. ΒΑΡΣΟΒΙΑ, 4. Ένας Σοβιετικός έπιστήμων άνεκοίνωσεν ότι ύπάρχουν ένδείξεις ύπάρξεως ύδατος είς τόν πλανήτην Άρη. ΠΟΛΙΣ ΤΟΥ ΒΑΤΙΚΑΝΟΥ, 4. Τήν Παρασκευήν άρχίζει τό έπίσημον έννεαήμερον πένθος έπί τώ θανάτω τοϋ Πάπα. Ο Πάπας Ιωάννης ΚΓ' θά ταφή είς τάς κρύπτας τής Βασιλικής τοϋ Αγίου Πέτρου. Μετά τό πένθος θά συνέλθη τό Κογκλάβιον τών καρδιναλίων διά τήν έκλογήν τοϋ νέου πάπα.

ΕΙΣ ΤΗΝ ΒΑΤΙΚΑΝΟΝ

ΟΥΑΣΙΓΚΤΩΝ, 4. (Ασσος. Πρές). Δέκα έξ Αμερικανοί άστρονόμοι μετέβησαν είς Πολωνίαν, όπου θά λάβουν μέρος είς τό Διεθνές Αστροναυτικόν Συνέδριον. Κατά τάς έργασίας τοϋ συνεδρίου άνεκοινώθη ότι οί άστροναύται θά έκπαιδευθοϋν ώστε νά δύνανται νά έπιζήσουν άν καταπέσουν είς ζούγκλαν, τρεφόμενοι μέ σαύρας καί άλλα ζώα. ΒΑΡΣΟΒΙΑ, 4. Ένας Σοβιετικός έπιστήμων άνεκοίνωσεν ότι ύπάρχουν ένδείξεις ύπάρξεως ύδατος είς τόν πλανήτην Άρη. ΠΟΛΙΣ ΤΟΥ ΒΑΤΙΚΑΝΟΥ, 4. Τήν Παρασκευήν άρχίζει τό έπίσημον έννεαήμερον πένθος έπί τώ θανάτω τοϋ Πάπα. Ο Πάπας Ιωάννης ΚΓ' θά ταφή είς τάς κρύπτας τής Βασιλικής τοϋ Αγίου Πέτρου. Μετά τό πένθος θά συνέλθη τό Κογκλάβιον τών καρδιναλίων διά τήν έκλογήν τοϋ νέου πάπα.

Η ΣΥΝΘΕΣΙΣ ΤΟΥ ΚΟΓΚΛΑΒΙΟΥ

ΟΥΑΣΙΓΚΤΩΝ, 4. (Ασσος. Πρές). Δέκα έξ Αμερικανοί άστρονόμοι μετέβησαν είς Πολωνίαν, όπου θά λάβουν μέρος είς τό Διεθνές Αστροναυτικόν Συνέδριον. Κατά τάς έργασίας τοϋ συνεδρίου άνεκοινώθη ότι οί άστροναύται θά έκπαιδευθοϋν ώστε νά δύνανται νά έπιζήσουν άν καταπέσουν είς ζούγκλαν, τρεφόμενοι μέ σαύρας καί άλλα ζώα. ΒΑΡΣΟΒΙΑ, 4. Ένας Σοβιετικός έπιστήμων άνεκοίνωσεν ότι ύπάρχουν ένδείξεις ύπάρξεως ύδατος είς τόν πλανήτην Άρη. ΠΟΛΙΣ ΤΟΥ ΒΑΤΙΚΑΝΟΥ, 4. Τήν Παρασκευήν άρχίζει τό έπίσημον έννεαήμερον πένθος έπί τώ θανάτω τοϋ Πάπα. Ο Πάπας Ιωάννης ΚΓ' θά ταφή είς τάς κρύπτας τής Βασιλικής τοϋ Αγίου Πέτρου. Μετά τό πένθος θά συνέλθη τό Κογκλάβιον τών καρδιναλίων διά τήν έκλογήν τοϋ νέου πάπα.

ΜΕΤΕΩΡΟΝ Η ΩΡΟΣ

ΟΥΑΣΙΓΚΤΩΝ, 4. (Ασσος. Πρές). Δέκα έξ Αμερικανοί άστρονόμοι μετέβησαν είς Πολωνίαν, όπου θά λάβουν μέρος είς τό Διεθνές Αστροναυτικόν Συνέδριον. Κατά τάς έργασίας τοϋ συνεδρίου άνεκοινώθη ότι οί άστροναύται θά έκπαιδευθοϋν ώστε νά δύνανται νά έπιζήσουν άν καταπέσουν είς ζούγκλαν, τρεφόμενοι μέ σαύρας καί άλλα ζώα. ΒΑΡΣΟΒΙΑ, 4. Ένας Σοβιετικός έπιστήμων άνεκοίνωσεν ότι ύπάρχουν ένδείξεις ύπάρξεως ύδατος είς τόν πλανήτην Άρη. ΠΟΛΙΣ ΤΟΥ ΒΑΤΙΚΑΝΟΥ, 4. Τήν Παρασκευήν άρχίζει τό έπίσημον έννεαήμερον πένθος έπί τώ θανάτω τοϋ Πάπα. Ο Πάπας Ιωάννης ΚΓ' θά ταφή είς τάς κρύπτας τής Βασιλικής τοϋ Αγίου Πέτρου. Μετά τό πένθος θά συνέλθη τό Κογκλάβιον τών καρδιναλίων διά τήν έκλογήν τοϋ νέου πάπα.

Ο ΜΙΤΣΣΕΝΤΙ

ΟΥΑΣΙΓΚΤΩΝ, 4. (Ασσος. Πρές). Δέκα έξ Αμερικανοί άστρονόμοι μετέβησαν είς Πολωνίαν, όπου θά λάβουν μέρος είς τό Διεθνές Αστροναυτικόν Συνέδριον. Κατά τάς έργασίας τοϋ συνεδρίου άνεκοινώθη ότι οί άστροναύται θά έκπαιδευθοϋν ώστε νά δύνανται νά έπιζήσουν άν καταπέσουν είς ζούγκλαν, τρεφόμενοι μέ σαύρας καί άλλα ζώα. ΒΑΡΣΟΒΙΑ, 4. Ένας Σοβιετικός έπιστήμων άνεκοίνωσεν ότι ύπάρχουν ένδείξεις ύπάρξεως ύδατος είς τόν πλανήτην Άρη. ΠΟΛΙΣ ΤΟΥ ΒΑΤΙΚΑΝΟΥ, 4. Τήν Παρασκευήν άρχίζει τό έπίσημον έννεαήμερον πένθος έπί τώ θανάτω τοϋ Πάπα. Ο Πάπας Ιωάννης ΚΓ' θά ταφή είς τάς κρύπτας τής Βασιλικής τοϋ Αγίου Πέτρου. Μετά τό πένθος θά συνέλθη τό Κογκλάβιον τών καρδιναλίων διά τήν έκλογήν τοϋ νέου πάπα.

Η ΤΥΧΗ ΤΩΝ ΥΠΑΛΛΗΛΩΝ

ΟΥΑΣΙΓΚΤΩΝ, 4. (Ασσος. Πρές). Δέκα έξ Αμερικανοί άστρονόμοι μετέβησαν είς Πολωνίαν, όπου θά λάβουν μέρος είς τό Διεθνές Αστροναυτικόν Συνέδριον. Κατά τάς έργασίας τοϋ συνεδρίου άνεκοινώθη ότι οί άστροναύται θά έκπαιδευθοϋν ώστε νά δύνανται νά έπιζήσουν άν καταπέσουν είς ζούγκλαν, τρεφόμενοι μέ σαύρας καί άλλα ζώα. ΒΑΡΣΟΒΙΑ, 4. Ένας Σοβιετικός έπιστήμων άνεκοίνωσεν ότι ύπάρχουν ένδείξεις ύπάρξεως ύδατος είς τόν πλανήτην Άρη. ΠΟΛΙΣ ΤΟΥ ΒΑΤΙΚΑΝΟΥ, 4. Τήν Παρασκευήν άρχίζει τό έπίσημον έννεαήμερον πένθος έπί τώ θανάτω τοϋ Πάπα. Ο Πάπας Ιωάννης ΚΓ' θά ταφή είς τάς κρύπτας τής Βασιλικής τοϋ Αγίου Πέτρου. Μετά τό πένθος θά συνέλθη τό Κογκλάβιον τών καρδιναλίων διά τήν έκλογήν τοϋ νέου πάπα.

ΕΛΛΗΝΙΚΑ ΣΥΛΛΥΠΗΤΗΡΙΑ

ΟΥΑΣΙΓΚΤΩΝ, 4. (Ασσος. Πρές). Δέκα έξ Αμερικανοί άστρονόμοι μετέβησαν είς Πολωνίαν, όπου θά λάβουν μέρος είς τό Διεθνές Αστροναυτικόν Συνέδριον. Κατά τάς έργασίας τοϋ συνεδρίου άνεκοινώθη ότι οί άστροναύται θά έκπαιδευθοϋν ώστε νά δύνανται νά έπιζήσουν άν καταπέσουν είς ζούγκλαν, τρεφόμενοι μέ σαύρας καί άλλα ζώα. ΒΑΡΣΟΒΙΑ, 4. Ένας Σοβιετικός έπιστήμων άνεκοίνωσεν ότι ύπάρχουν ένδείξεις ύπάρξεως ύδατος είς τόν πλανήτην Άρη. ΠΟΛΙΣ ΤΟΥ ΒΑΤΙΚΑΝΟΥ, 4. Τήν Παρασκευήν άρχίζει τό έπίσημον έννεαήμερον πένθος έπί τώ θανάτω τοϋ Πάπα. Ο

ΟΥΑΣΙΓΚΤΩΝ, 4. (Ασσος. Πρές). Δέκα έξ Αμερικανοί άστρονόμοι μετέβησαν είς Πολωνίαν, όπου θά λάβουν μέρος είς τό Διεθνές Αστροναυτικόν Συνέδριον. Κατά τάς έργασίας τοϋ συνεδρίου άνεκοινώθη ότι οί άστροναύται θά έκπαιδευθοϋν ώστε νά δύνανται νά έπιζήσουν άν καταπέσουν είς ζούγκλαν, τρεφόμενοι μέ σαύρας καί άλλα ζώα. ΒΑΡΣΟΒΙΑ, 4. Ένας Σοβιετικός έπιστήμων άνεκοίνωσεν ότι ύπάρχουν ένδείξεις ύπάρξεως ύδατος είς τόν πλανήτην Άρη. ΠΟΛΙΣ ΤΟΥ ΒΑΤΙΚΑΝΟΥ, 4. Τήν Παρασκευήν άρχίζει τό έπίσημον έννεαήμερον πένθος έπί τώ θανάτω τοϋ Πάπα. Ο Πάπας Ιωάννης ΚΓ' θά ταφή είς τάς κρύπτας τής Βασιλικής τοϋ Αγίου Πέτρου. Μετά τό πένθος θά συνέλθη τό Κογκλάβιον τών καρδιναλίων διά τήν έκλογήν τοϋ νέου πάπα.

ΟΥΑΣΙΓΚΤΩΝ, 4. (Ασσος. Πρές). Δέκα έξ Αμερικανοί άστρονόμοι μετέβησαν είς Πολωνίαν, όπου θά λάβουν μέρος είς τό Διεθνές Αστροναυτικόν Συνέδριον. Κατά τάς έργασίας τοϋ συνεδρίου άνεκοινώθη ότι οί άστροναύται θά έκπαιδευθοϋν ώστε νά δύνανται νά έπιζήσουν άν καταπέσουν είς ζούγκλαν, τρεφόμενοι μέ σαύρας καί άλλα ζώα. ΒΑΡΣΟΒΙΑ, 4. Ένας Σοβιετικός έπιστήμων άνεκοίνωσεν ότι ύπάρχουν ένδείξεις ύπάρξεως ύδατος είς τόν πλανήτην Άρη. ΠΟΛΙΣ ΤΟΥ ΒΑΤΙΚΑΝΟΥ, 4. Τήν Παρασκευήν άρχίζει τό έπίσημον έννεαήμερον πένθος έπί τώ θανάτω τοϋ Πάπα. Ο Πάπας Ιωάννης ΚΓ' θά ταφή είς τάς κρύπτας τής Βασιλικής τοϋ Αγίου Πέτρου. Μετά τό πένθος θά συνέλθη τό Κογκλάβιον τών καρδιναλίων διά τήν έκλογήν τοϋ νέου πάπα.

ΟΥΑΣΙΓΚΤΩΝ, 4. (Ασσος. Πρές). Δέκα έξ Αμερικανοί άστρονόμοι μετέβησαν είς Πολωνίαν, όπου θά λάβουν μέρος είς τό Διεθνές Αστροναυτικόν Συνέδριον. Κατά τάς έργασίας τοϋ συνεδρίου άνεκοινώθη ότι οί άστροναύται θά έκπαιδευθοϋν ώστε νά δύνανται νά έπιζήσουν άν καταπέσουν είς ζούγκλαν, τρεφόμενοι μέ σαύρας καί άλλα ζώα. ΒΑΡΣΟΒΙΑ, 4. Ένας Σοβιετικός έπιστήμων άνεκοίνωσεν ότι ύπάρχουν ένδείξεις ύπάρξεως ύδατος είς τόν πλανήτην Άρη. ΠΟΛΙΣ ΤΟΥ ΒΑΤΙΚΑΝΟΥ, 4. Τήν Παρασκευήν άρχίζει τό έπίσημον έννεαήμερον πένθος έπί τώ θανάτω τοϋ Πάπα. Ο Πάπας Ιωάννης ΚΓ' θά ταφή είς τάς κρύπτας τής Βασιλικής τοϋ Αγίου Πέτρου. Μετά τό πένθος θά συνέλθη τό

ΚΑΤΗΓΟΡΙΣΙΣ ΤΟ ΠΡΟΕΔΡΕΙΟΝ ΤΗΣ «ΜΙΚΡΑΣ ΒΟΥΛΗΣ» ΚΑΤΕΤΕΘΗΣΑΝ ΣΧΕΔΙΑ ΝΟΜΟΘΕΤΙΚΩΝ ΔΙΑΤΑΓΜΑΤΩΝ

ΟΥΑΣΙΓΚΤΩΝ, 4. (Ασσος. Πρές). Δέκα έξ Αμερικανοί άστρονόμοι μετέβησαν είς Πολωνίαν, όπου θά λάβουν μέρος είς τό Διεθνές Αστροναυτικόν Συνέδριον. Κατά τάς έργασίας τοϋ συνεδρίου άνεκοινώθη ότι οί άστροναύται θά έκπαιδευθοϋν ώστε νά δύνανται νά έπιζήσουν άν καταπέσουν είς ζούγκλαν, τρεφόμενοι μέ σαύρας καί άλλα ζώα. ΒΑΡΣΟΒΙΑ, 4. Ένας Σοβιετικός έπιστήμων άνεκοίνωσεν ότι ύπάρχουν ένδείξεις ύπάρξεως ύδατος είς τόν πλανήτην Άρη. ΠΟΛΙΣ ΤΟΥ ΒΑΤΙΚΑΝΟΥ, 4. Τήν Παρασκευήν άρχίζει τό έπίσημον έννεαήμερον πένθος έπί τώ θανάτω τοϋ Πάπα. Ο Πάπας Ιωάννης ΚΓ' θά ταφή είς τάς κρύπτας τής Βασιλικής τοϋ Αγίου Πέτρου. Μετά τό πένθος θά συνέλθη τό Κογκλάβιον τών καρδιναλίων διά τήν έκλογήν τοϋ νέου πάπα.

ΗΘΩΩΘΗ Ο ΣΚΙΤΣΟΓΡΑΦΟΣ ΜΠΟΣΤΑΝΤΖΟΓΛΟΥ ΚΑΤΗΓΟΡΗΘΕΙΣ ΟΤΙ ΕΞΥΒΡΙΣΕ ΤΟΥ ΚΛΗΡΟΥ

ΟΥΑΣΙΓΚΤΩΝ, 4. (Ασσος. Πρές). Δέκα έξ Αμερικανοί άστρονόμοι μετέβησαν είς Πολωνίαν, όπου θά λάβουν μέρος είς τό Διεθνές Αστροναυτικόν Συνέδριον. Κατά τάς έργασίας τοϋ συνεδρίου άνεκοινώθη ότι οί άστροναύται θά έκπαιδευθοϋν ώστε νά δύνανται νά έπιζήσουν άν καταπέσουν είς ζούγκλαν, τρεφόμενοι μέ σαύρας καί άλλα ζώα. ΒΑΡΣΟΒΙΑ, 4. Ένας Σοβιετικός έπιστήμων άνεκοίνωσεν ότι ύπάρχουν ένδείξεις ύπάρξεως ύδατος είς τόν πλανήτην Άρη. ΠΟΛΙΣ ΤΟΥ ΒΑΤΙΚΑΝΟΥ, 4. Τήν Παρασκευήν άρχίζει τό έπίσημον έννεαήμερον πένθος έπί τώ θανάτω τοϋ Πάπα. Ο Πάπας Ιωάννης ΚΓ' θά ταφή είς τάς κρύπτας τής Βασιλικής τοϋ Αγίου Πέτρου. Μετά τό πένθος θά συνέλθη τό Κογκλάβιον τών καρδιναλίων διά τήν έκλογήν τοϋ νέου πάπα.

ΟΥΑΣΙΓΚΤΩΝ, 4. (Ασσος. Πρές). Δέκα έξ Αμερικανοί άστρονόμοι μετέβησαν είς Πολωνίαν, όπου θά λάβουν μέρος είς τό Διεθνές Αστροναυτικόν Συνέδριον. Κατά τάς έργασίας τοϋ συνεδρίου
